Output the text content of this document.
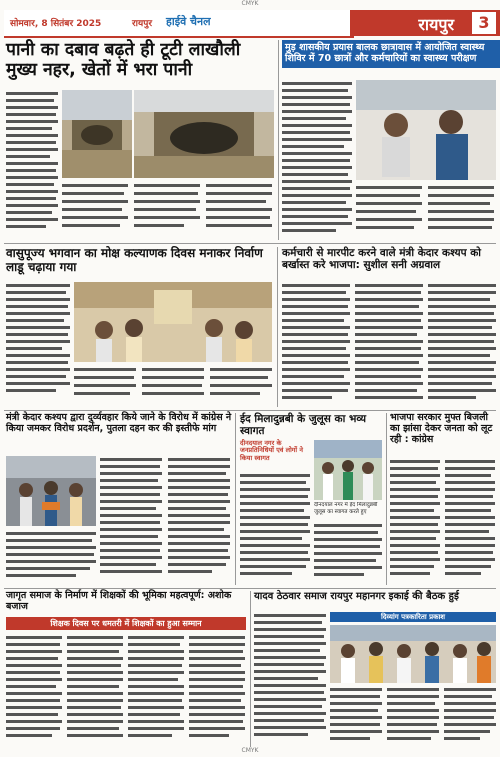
CMYK
सोमवार, 8 सितंबर 2025	रायपुर हाईवे चैनल	रायपुर	3
पानी का दबाव बढ़ते ही टूटी लाखौली मुख्य नहर, खेतों में भरा पानी
मुड़ शासकीय प्रयास बालक छात्रावास में आयोजित स्वास्थ्य शिविर में 70 छात्रों और कर्मचारियों का स्वास्थ्य परीक्षण
वासुपूज्य भगवान का मोक्ष कल्याणक दिवस मनाकर निर्वाण लाडू चढ़ाया गया
कर्मचारी से मारपीट करने वाले मंत्री केदार कश्यप को बर्खास्त करे भाजपा: सुशील सनी अग्रवाल
मंत्री केदार कश्यप द्वारा दुर्व्यवहार किये जाने के विरोध में कांग्रेस ने किया जमकर विरोध प्रदर्शन, पुतला दहन कर की इस्तीफे मांग
ईद मिलादुन्नबी के जुलूस का भव्य स्वागत
दीनदयाल नगर के जनप्रतिनिधियों एवं लोगों ने किया स्वागत
दीनदयाल नगर में ईद मिलादुन्नबी जुलूस का स्वागत करते हुए
भाजपा सरकार मुफ्त बिजली का झांसा देकर जनता को लूट रही : कांग्रेस
जागृत समाज के निर्माण में शिक्षकों की भूमिका महत्वपूर्ण: अशोक बजाज
शिक्षक दिवस पर धमतरी में शिक्षकों का हुआ सम्मान
यादव ठेठवार समाज रायपुर महानगर इकाई की बैठक हुई
दिव्यांग पत्रकारिता प्रकाश
CMYK
